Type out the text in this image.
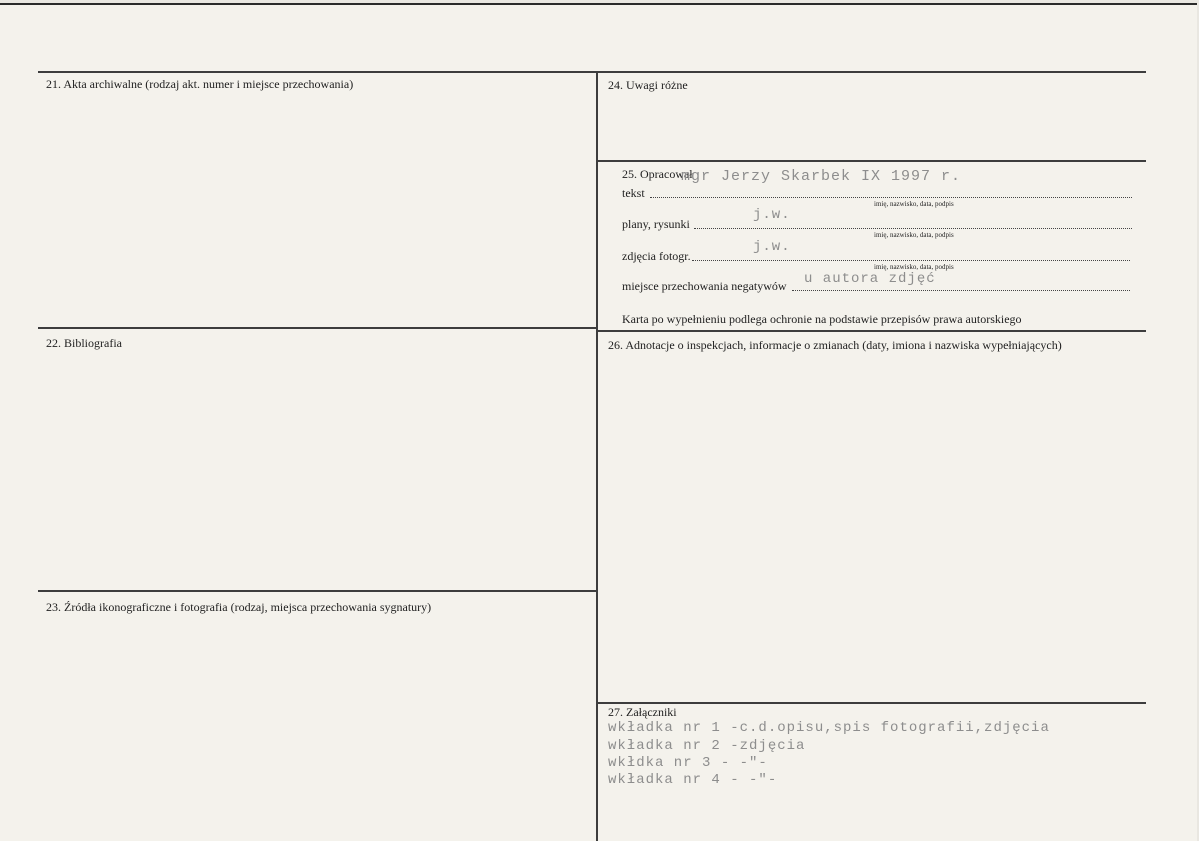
21. Akta archiwalne (rodzaj akt. numer i miejsce przechowania)
22. Bibliografia
23. Źródła ikonograficzne i fotografia (rodzaj, miejsca przechowania sygnatury)
24. Uwagi różne
25. Opracował
mgr Jerzy Skarbek IX 1997 r.
tekst
imię, nazwisko, data, podpis
plany, rysunki
j.w.
imię, nazwisko, data, podpis
zdjęcia fotogr.
j.w.
imię, nazwisko, data, podpis
miejsce przechowania negatywów u autora zdjęć
Karta po wypełnieniu podlega ochronie na podstawie przepisów prawa autorskiego
26. Adnotacje o inspekcjach, informacje o zmianach (daty, imiona i nazwiska wypełniających)
27. Załączniki
wkładka nr 1 -c.d.opisu,spis fotografii,zdjęcia
wkładka nr 2 -zdjęcia
wkłdka nr 3 - -"-
wkładka nr 4 - -"-
